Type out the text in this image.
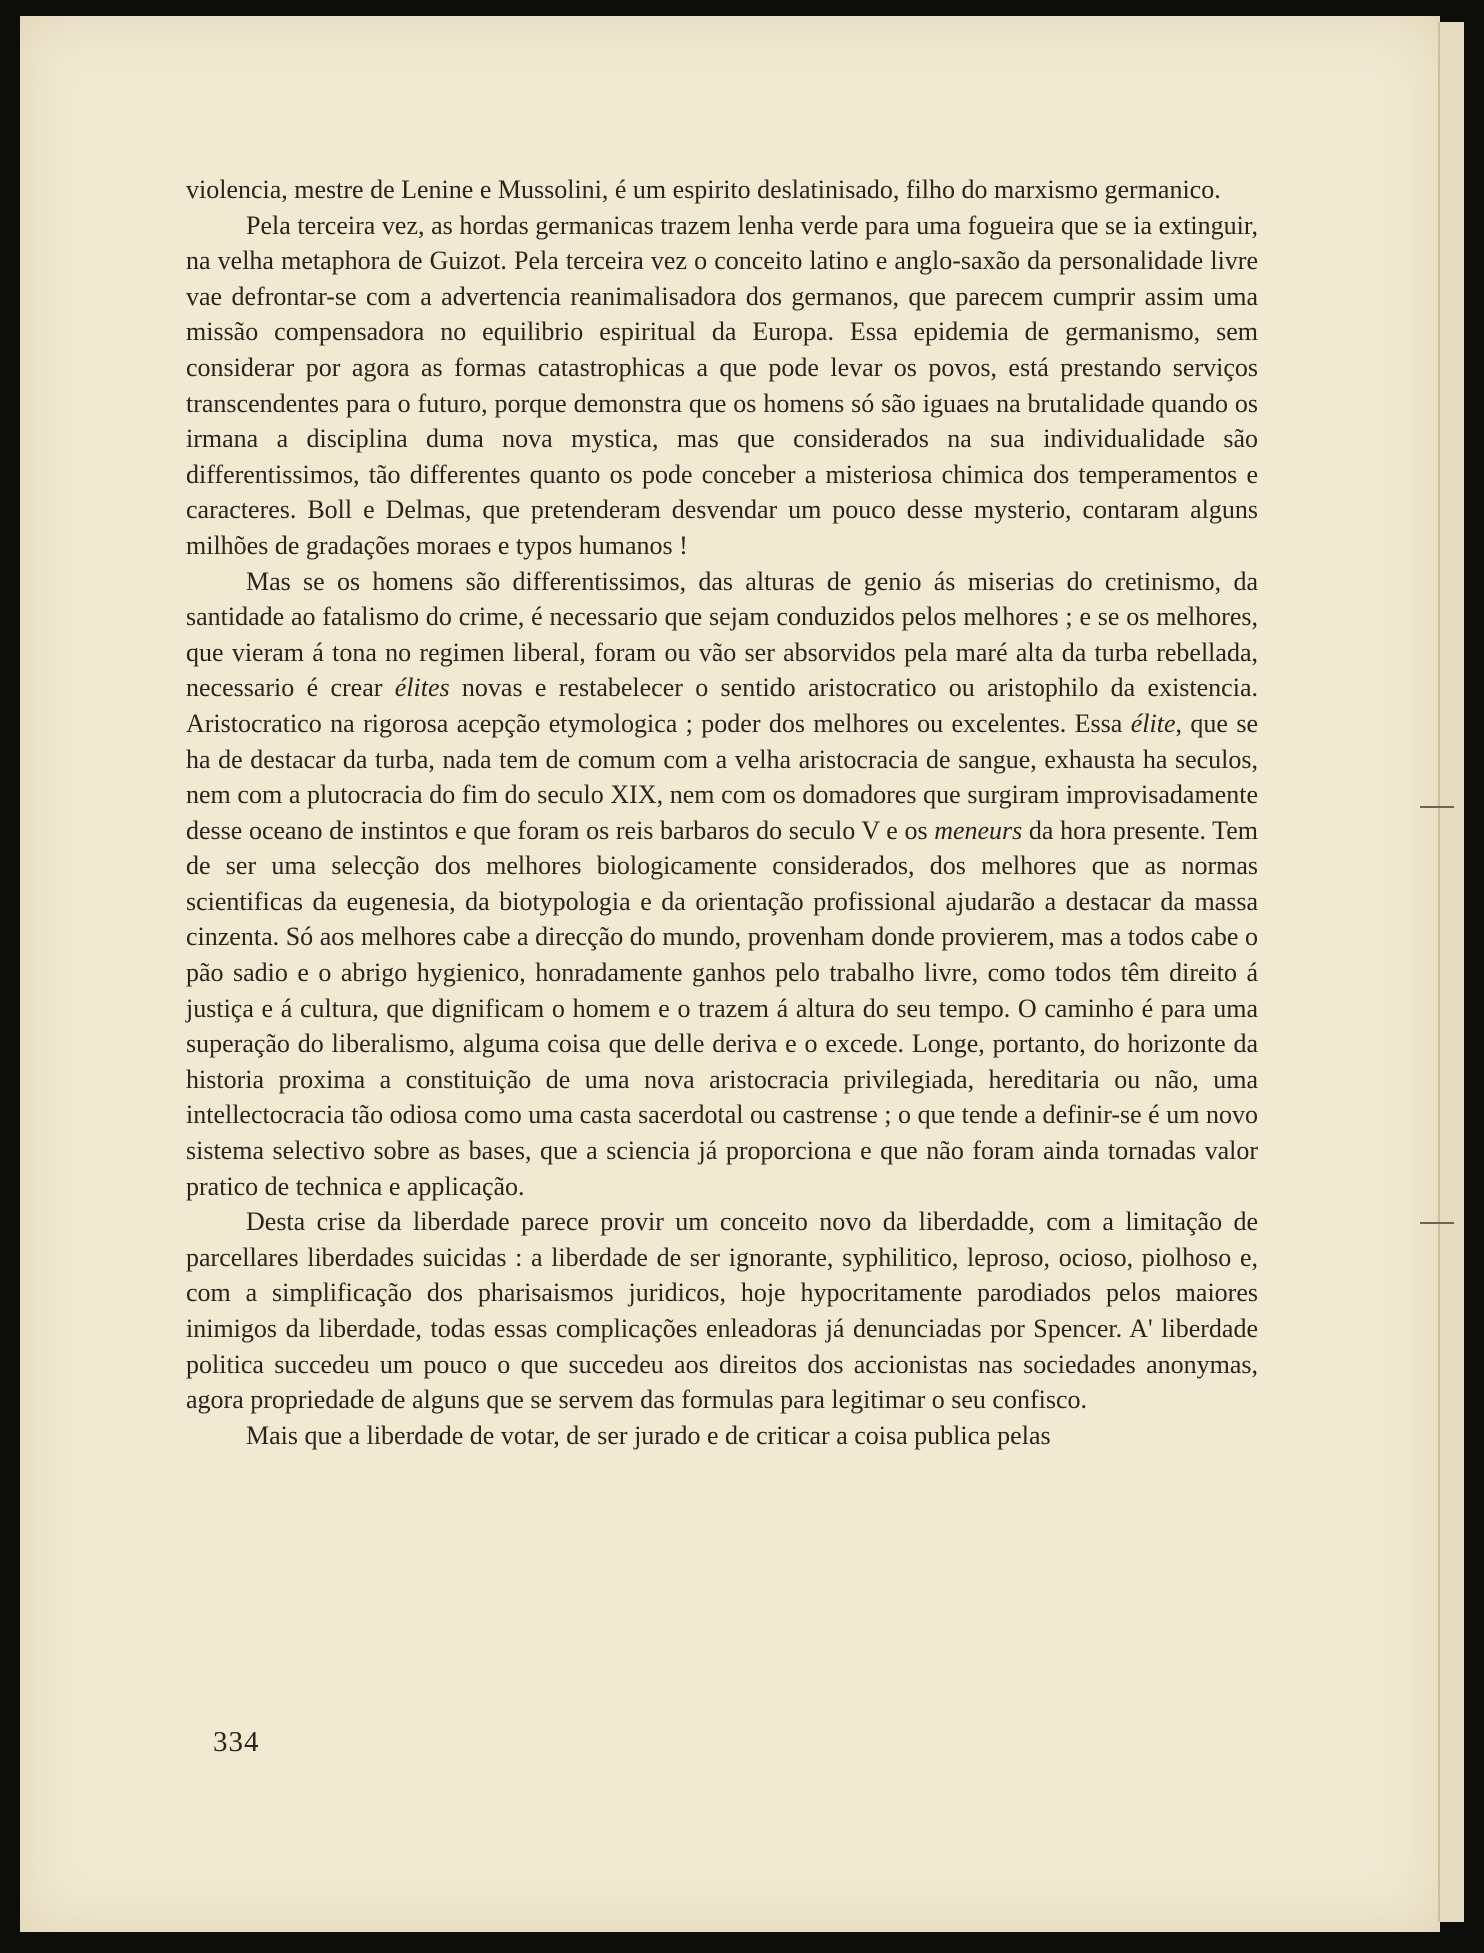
violencia, mestre de Lenine e Mussolini, é um espirito deslatinisado, filho do marxismo germanico.

Pela terceira vez, as hordas germanicas trazem lenha verde para uma fogueira que se ia extinguir, na velha metaphora de Guizot. Pela terceira vez o conceito latino e anglo-saxão da personalidade livre vae defrontar-se com a advertencia reanimalisadora dos germanos, que parecem cumprir assim uma missão compensadora no equilibrio espiritual da Europa. Essa epidemia de germanismo, sem considerar por agora as formas catastrophicas a que pode levar os povos, está prestando serviços transcendentes para o futuro, porque demonstra que os homens só são iguaes na brutalidade quando os irmana a disciplina duma nova mystica, mas que considerados na sua individualidade são differentissimos, tão differentes quanto os pode conceber a misteriosa chimica dos temperamentos e caracteres. Boll e Delmas, que pretenderam desvendar um pouco desse mysterio, contaram alguns milhões de gradações moraes e typos humanos !

Mas se os homens são differentissimos, das alturas de genio ás miserias do cretinismo, da santidade ao fatalismo do crime, é necessario que sejam conduzidos pelos melhores ; e se os melhores, que vieram á tona no regimen liberal, foram ou vão ser absorvidos pela maré alta da turba rebellada, necessario é crear élites novas e restabelecer o sentido aristocratico ou aristophilo da existencia. Aristocratico na rigorosa acepção etymologica ; poder dos melhores ou excelentes. Essa élite, que se ha de destacar da turba, nada tem de comum com a velha aristocracia de sangue, exhausta ha seculos, nem com a plutocracia do fim do seculo XIX, nem com os domadores que surgiram improvisadamente desse oceano de instintos e que foram os reis barbaros do seculo V e os meneurs da hora presente. Tem de ser uma selecção dos melhores biologicamente considerados, dos melhores que as normas scientificas da eugenesia, da biotypologia e da orientação profissional ajudarão a destacar da massa cinzenta. Só aos melhores cabe a direcção do mundo, provenham donde provierem, mas a todos cabe o pão sadio e o abrigo hygienico, honradamente ganhos pelo trabalho livre, como todos têm direito á justiça e á cultura, que dignificam o homem e o trazem á altura do seu tempo. O caminho é para uma superação do liberalismo, alguma coisa que delle deriva e o excede. Longe, portanto, do horizonte da historia proxima a constituição de uma nova aristocracia privilegiada, hereditaria ou não, uma intellectocracia tão odiosa como uma casta sacerdotal ou castrense ; o que tende a definir-se é um novo sistema selectivo sobre as bases, que a sciencia já proporciona e que não foram ainda tornadas valor pratico de technica e applicação.

Desta crise da liberdade parece provir um conceito novo da liberdadde, com a limitação de parcellares liberdades suicidas : a liberdade de ser ignorante, syphilitico, leproso, ocioso, piolhoso e, com a simplificação dos pharisaismos juridicos, hoje hypocritamente parodiados pelos maiores inimigos da liberdade, todas essas complicações enleadoras já denunciadas por Spencer. A' liberdade politica succedeu um pouco o que succedeu aos direitos dos accionistas nas sociedades anonymas, agora propriedade de alguns que se servem das formulas para legitimar o seu confisco.

Mais que a liberdade de votar, de ser jurado e de criticar a coisa publica pelas

334
